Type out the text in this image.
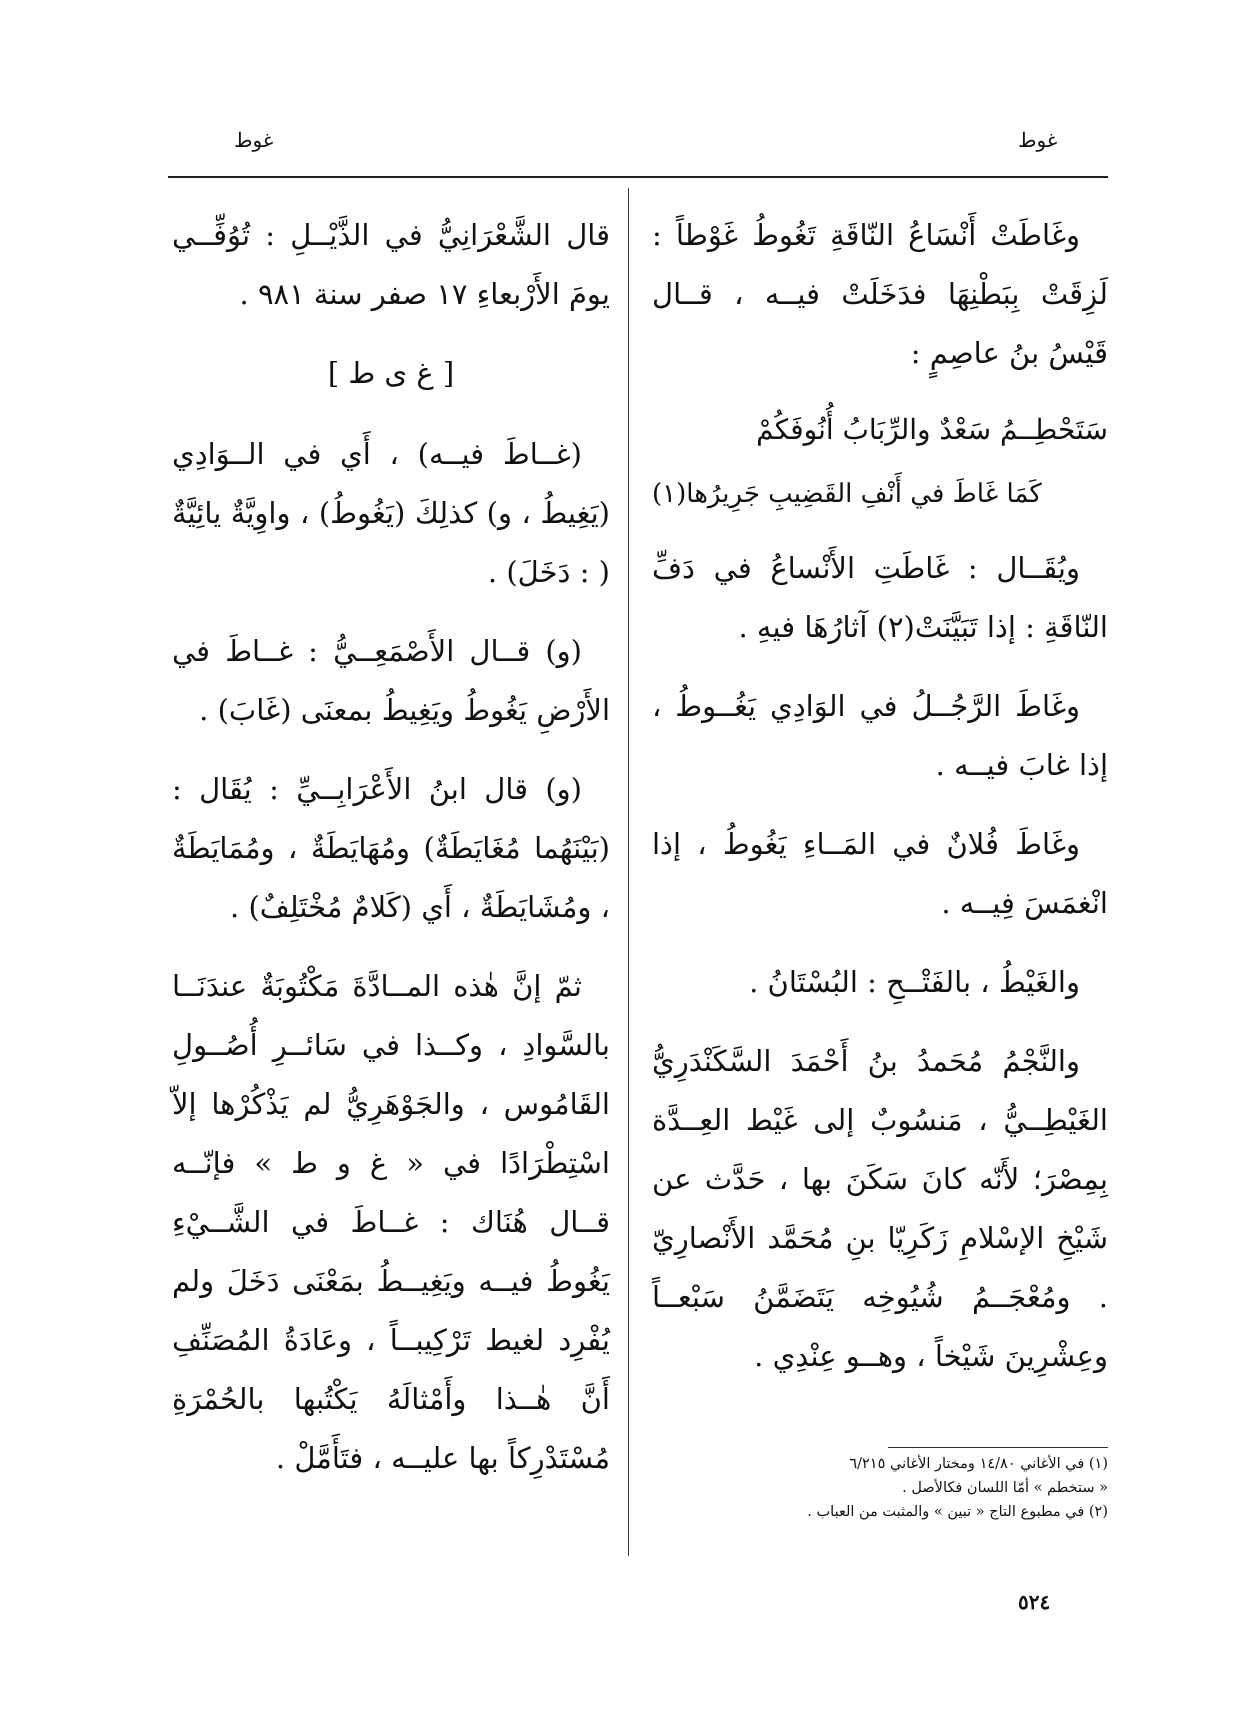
غوط	غوط

وغَاطَتْ أَنْسَاعُ النّاقَةِ تَغُوطُ غَوْطاً : لَزِقَتْ بِبَطْنِهَا فدَخَلَتْ فيــه ، قــال قَيْسُ بنُ عاصِمٍ :

سَتَحْطِــمُ سَعْدٌ والرِّبَابُ أُنُوفَكُمْ

كَمَا غَاطَ في أَنْفِ القَضِيبِ جَرِيرُها(١)

ويُقَــال : غَاطَتِ الأَنْساعُ في دَفِّ النّاقَةِ : إذا تَبَيَّنَتْ(٢) آثارُهَا فيهِ .

وغَاطَ الرَّجُــلُ في الوَادِي يَغُــوطُ ، إذا غابَ فيــه .

وغَاطَ فُلانٌ في المَــاءِ يَغُوطُ ، إذا انْغمَسَ فِيــه .

والغَيْطُ ، بالفَتْــحِ : البُسْتَانُ .

والنَّجْمُ مُحَمدُ بنُ أَحْمَدَ السَّكَنْدَرِيُّ الغَيْطِــيُّ ، مَنسُوبٌ إلى غَيْط العِــدَّة بِمِصْرَ؛ لأَنّه كانَ سَكَنَ بها ، حَدَّث عن شَيْخِ الإسْلامِ زَكَرِيّا بنِ مُحَمَّد الأَنْصارِيّ . ومُعْجَــمُ شُيُوخِه يَتَضَمَّنُ سَبْعــاً وعِشْرِينَ شَيْخاً ، وهــو عِنْدِي .

قال الشَّعْرَانِيُّ في الذَّيْــلِ : تُوُفِّــي يومَ الأَرْبعاءِ ١٧ صفر سنة ٩٨١ .

[ غ ى ط ]

(غــاطَ فيــه) ، أَي في الــوَادِي (يَغِيطُ ، و) كذلِكَ (يَغُوطُ) ، واوِيَّةٌ يائِيَّةٌ ( : دَخَلَ) .

(و) قــال الأَصْمَعِــيُّ : غــاطَ في الأَرْضِ يَغُوطُ ويَغِيطُ بمعنَى (غَابَ) .

(و) قال ابنُ الأَعْرَابِــيِّ : يُقَال : (بَيْنَهُما مُغَايَطَةٌ) ومُهَايَطَةٌ ، ومُمَايَطَةٌ ، ومُشَايَطَةٌ ، أَي (كَلامٌ مُخْتَلِفٌ) .

ثمّ إنَّ هٰذه المــادَّةَ مَكْتُوبَةٌ عندَنَــا بالسَّوادِ ، وكــذا في سَائــرِ أُصُــولِ القَامُوس ، والجَوْهَرِيُّ لم يَذْكُرْها إلاّ اسْتِطْرَادًا في « غ و ط » فإنّــه قــال هُنَاك : غــاطَ في الشَّــيْءِ يَغُوطُ فيــه ويَغِيــطُ بمَعْنَى دَخَلَ ولم يُفْرِد لغيط تَرْكِيبــاً ، وعَادَةُ المُصَنِّفِ أَنَّ هٰــذا وأَمْثالَهُ يَكْتُبها بالحُمْرَةِ مُسْتَدْرِكاً بها عليــه ، فتَأَمَّلْ .	(١) في الأغاني ١٤/٨٠ ومختار الأغاني ٦/٢١٥
« ستخطم » أمّا اللسان فكالأصل .
(٢) في مطبوع التاج « تبين » والمثبت من العباب .
٥٢٤
